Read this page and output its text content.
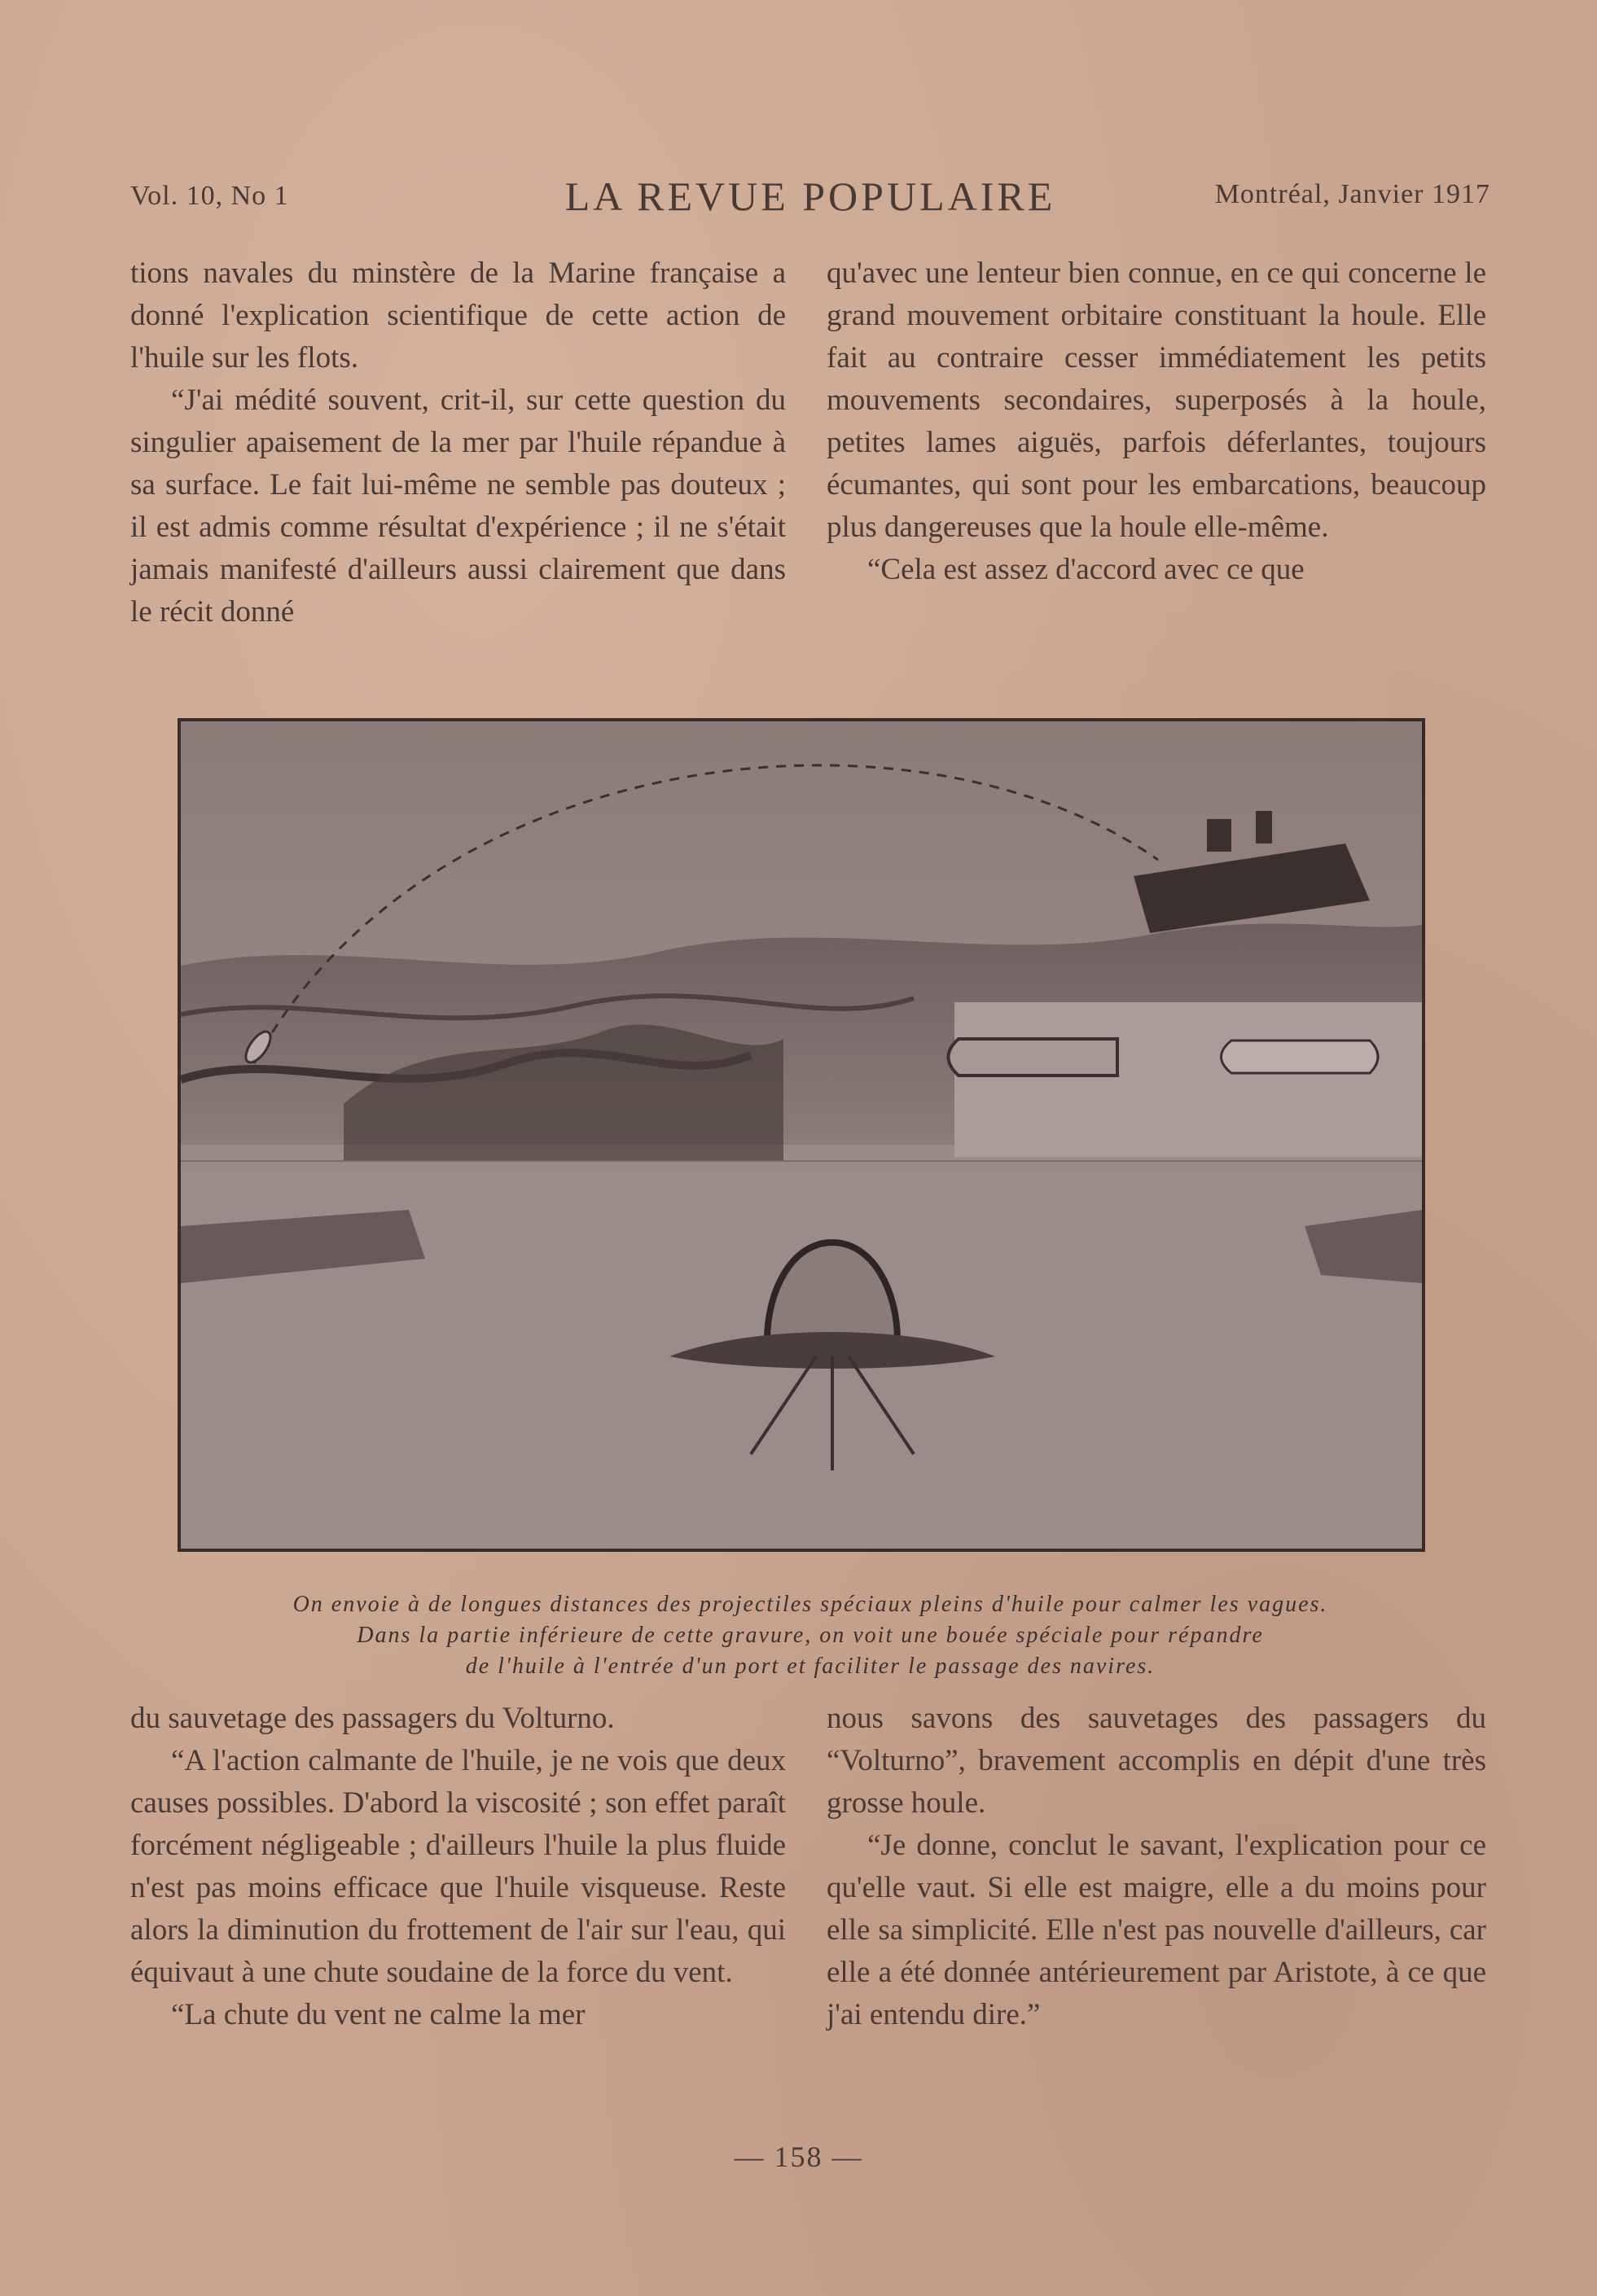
Vol. 10, No 1	LA REVUE POPULAIRE	Montréal, Janvier 1917

tions navales du minstère de la Marine française a donné l'explication scientifique de cette action de l'huile sur les flots.

“J'ai médité souvent, crit-il, sur cette question du singulier apaisement de la mer par l'huile répandue à sa surface. Le fait lui-même ne semble pas douteux ; il est admis comme résultat d'expérience ; il ne s'était jamais manifesté d'ailleurs aussi clairement que dans le récit donné

qu'avec une lenteur bien connue, en ce qui concerne le grand mouvement orbitaire constituant la houle. Elle fait au contraire cesser immédiatement les petits mouvements secondaires, superposés à la houle, petites lames aiguës, parfois déferlantes, toujours écumantes, qui sont pour les embarcations, beaucoup plus dangereuses que la houle elle-même.

“Cela est assez d'accord avec ce que

On envoie à de longues distances des projectiles spéciaux pleins d'huile pour calmer les vagues.
Dans la partie inférieure de cette gravure, on voit une bouée spéciale pour répandre
de l'huile à l'entrée d'un port et faciliter le passage des navires.

du sauvetage des passagers du Volturno.

“A l'action calmante de l'huile, je ne vois que deux causes possibles. D'abord la viscosité ; son effet paraît forcément négligeable ; d'ailleurs l'huile la plus fluide n'est pas moins efficace que l'huile visqueuse. Reste alors la diminution du frottement de l'air sur l'eau, qui équivaut à une chute soudaine de la force du vent.

“La chute du vent ne calme la mer

nous savons des sauvetages des passagers du “Volturno”, bravement accomplis en dépit d'une très grosse houle.

“Je donne, conclut le savant, l'explication pour ce qu'elle vaut. Si elle est maigre, elle a du moins pour elle sa simplicité. Elle n'est pas nouvelle d'ailleurs, car elle a été donnée antérieurement par Aristote, à ce que j'ai entendu dire.”

— 158 —
